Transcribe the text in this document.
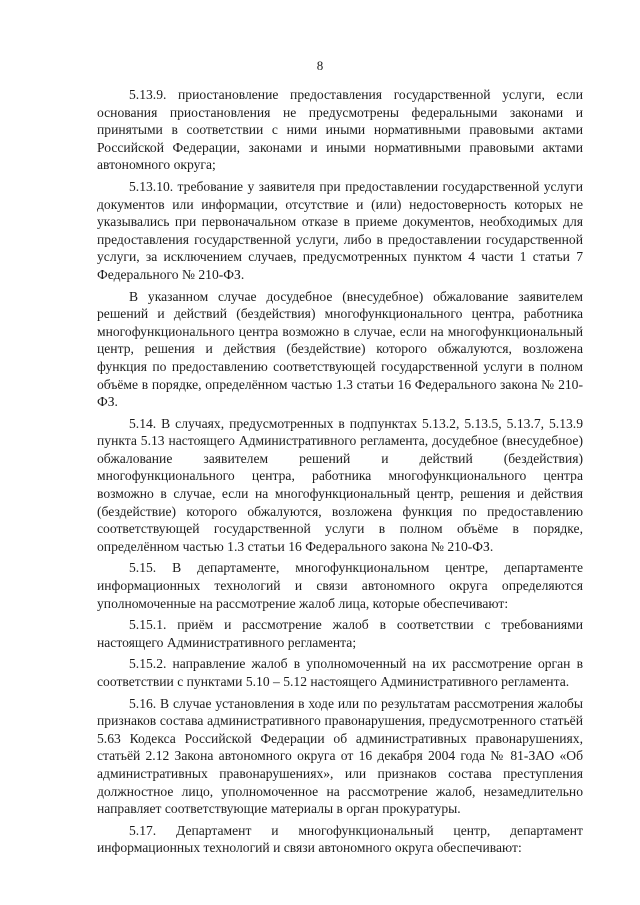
8

5.13.9. приостановление предоставления государственной услуги, если основания приостановления не предусмотрены федеральными законами и принятыми в соответствии с ними иными нормативными правовыми актами Российской Федерации, законами и иными нормативными правовыми актами автономного округа;

5.13.10. требование у заявителя при предоставлении государственной услуги документов или информации, отсутствие и (или) недостоверность которых не указывались при первоначальном отказе в приеме документов, необходимых для предоставления государственной услуги, либо в предоставлении государственной услуги, за исключением случаев, предусмотренных пунктом 4 части 1 статьи 7 Федерального № 210-ФЗ.

В указанном случае досудебное (внесудебное) обжалование заявителем решений и действий (бездействия) многофункционального центра, работника многофункционального центра возможно в случае, если на многофункциональный центр, решения и действия (бездействие) которого обжалуются, возложена функция по предоставлению соответствующей государственной услуги в полном объёме в порядке, определённом частью 1.3 статьи 16 Федерального закона № 210-ФЗ.

5.14. В случаях, предусмотренных в подпунктах 5.13.2, 5.13.5, 5.13.7, 5.13.9 пункта 5.13 настоящего Административного регламента, досудебное (внесудебное) обжалование заявителем решений и действий (бездействия) многофункционального центра, работника многофункционального центра возможно в случае, если на многофункциональный центр, решения и действия (бездействие) которого обжалуются, возложена функция по предоставлению соответствующей государственной услуги в полном объёме в порядке, определённом частью 1.3 статьи 16 Федерального закона № 210-ФЗ.

5.15. В департаменте, многофункциональном центре, департаменте информационных технологий и связи автономного округа определяются уполномоченные на рассмотрение жалоб лица, которые обеспечивают:

5.15.1. приём и рассмотрение жалоб в соответствии с требованиями настоящего Административного регламента;

5.15.2. направление жалоб в уполномоченный на их рассмотрение орган в соответствии с пунктами 5.10 – 5.12 настоящего Административного регламента.

5.16. В случае установления в ходе или по результатам рассмотрения жалобы признаков состава административного правонарушения, предусмотренного статьёй 5.63 Кодекса Российской Федерации об административных правонарушениях, статьёй 2.12 Закона автономного округа от 16 декабря 2004 года № 81-ЗАО «Об административных правонарушениях», или признаков состава преступления должностное лицо, уполномоченное на рассмотрение жалоб, незамедлительно направляет соответствующие материалы в орган прокуратуры.

5.17. Департамент и многофункциональный центр, департамент информационных технологий и связи автономного округа обеспечивают:
